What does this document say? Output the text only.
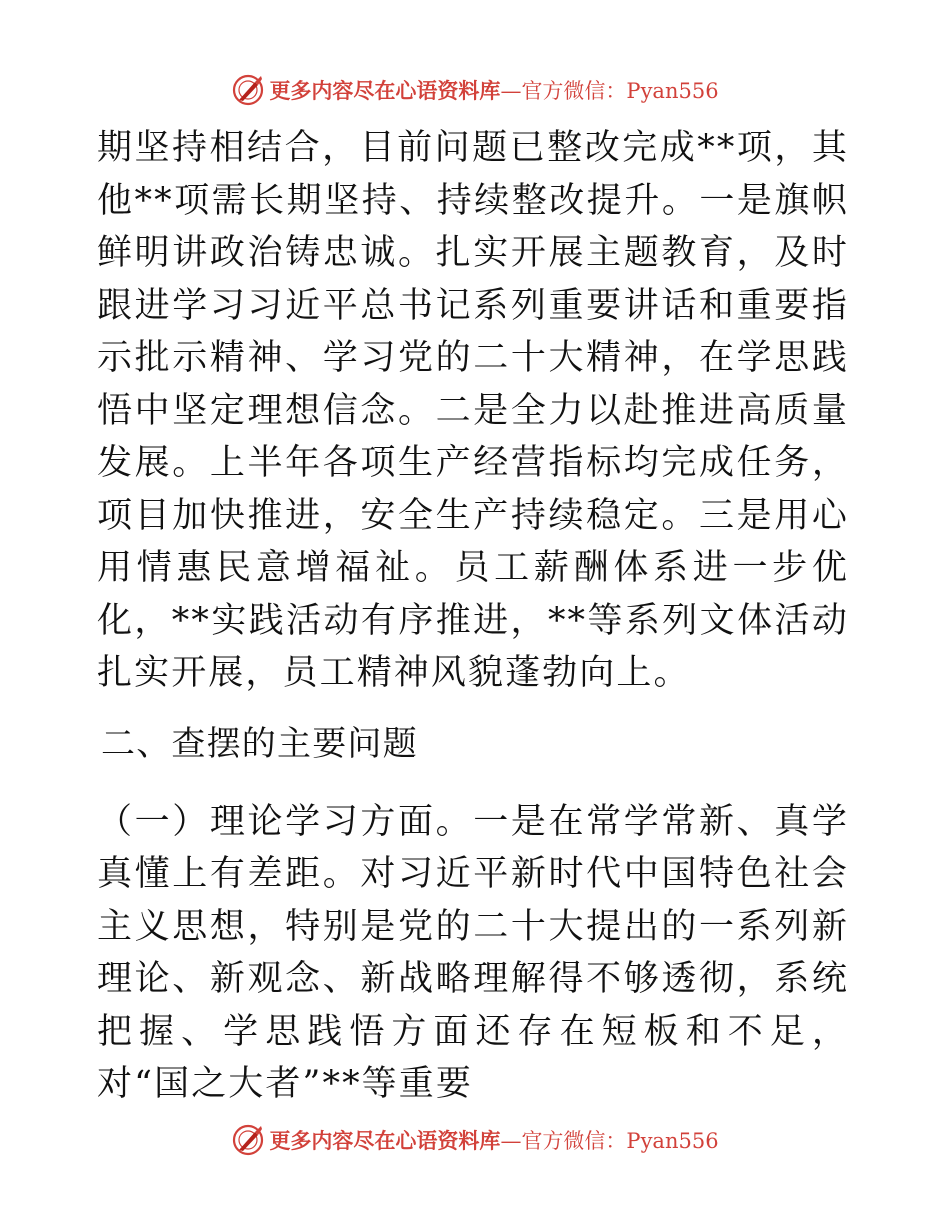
更多内容尽在心语资料库—官方微信：Pyan556

期坚持相结合，目前问题已整改完成**项，其他**项需长期坚持、持续整改提升。一是旗帜鲜明讲政治铸忠诚。扎实开展主题教育，及时跟进学习习近平总书记系列重要讲话和重要指示批示精神、学习党的二十大精神，在学思践悟中坚定理想信念。二是全力以赴推进高质量发展。上半年各项生产经营指标均完成任务，项目加快推进，安全生产持续稳定。三是用心用情惠民意增福祉。员工薪酬体系进一步优化，**实践活动有序推进，**等系列文体活动扎实开展，员工精神风貌蓬勃向上。

二、查摆的主要问题

（一）理论学习方面。一是在常学常新、真学真懂上有差距。对习近平新时代中国特色社会主义思想，特别是党的二十大提出的一系列新理论、新观念、新战略理解得不够透彻，系统把握、学思践悟方面还存在短板和不足，对“国之大者”**等重要

更多内容尽在心语资料库—官方微信：Pyan556
